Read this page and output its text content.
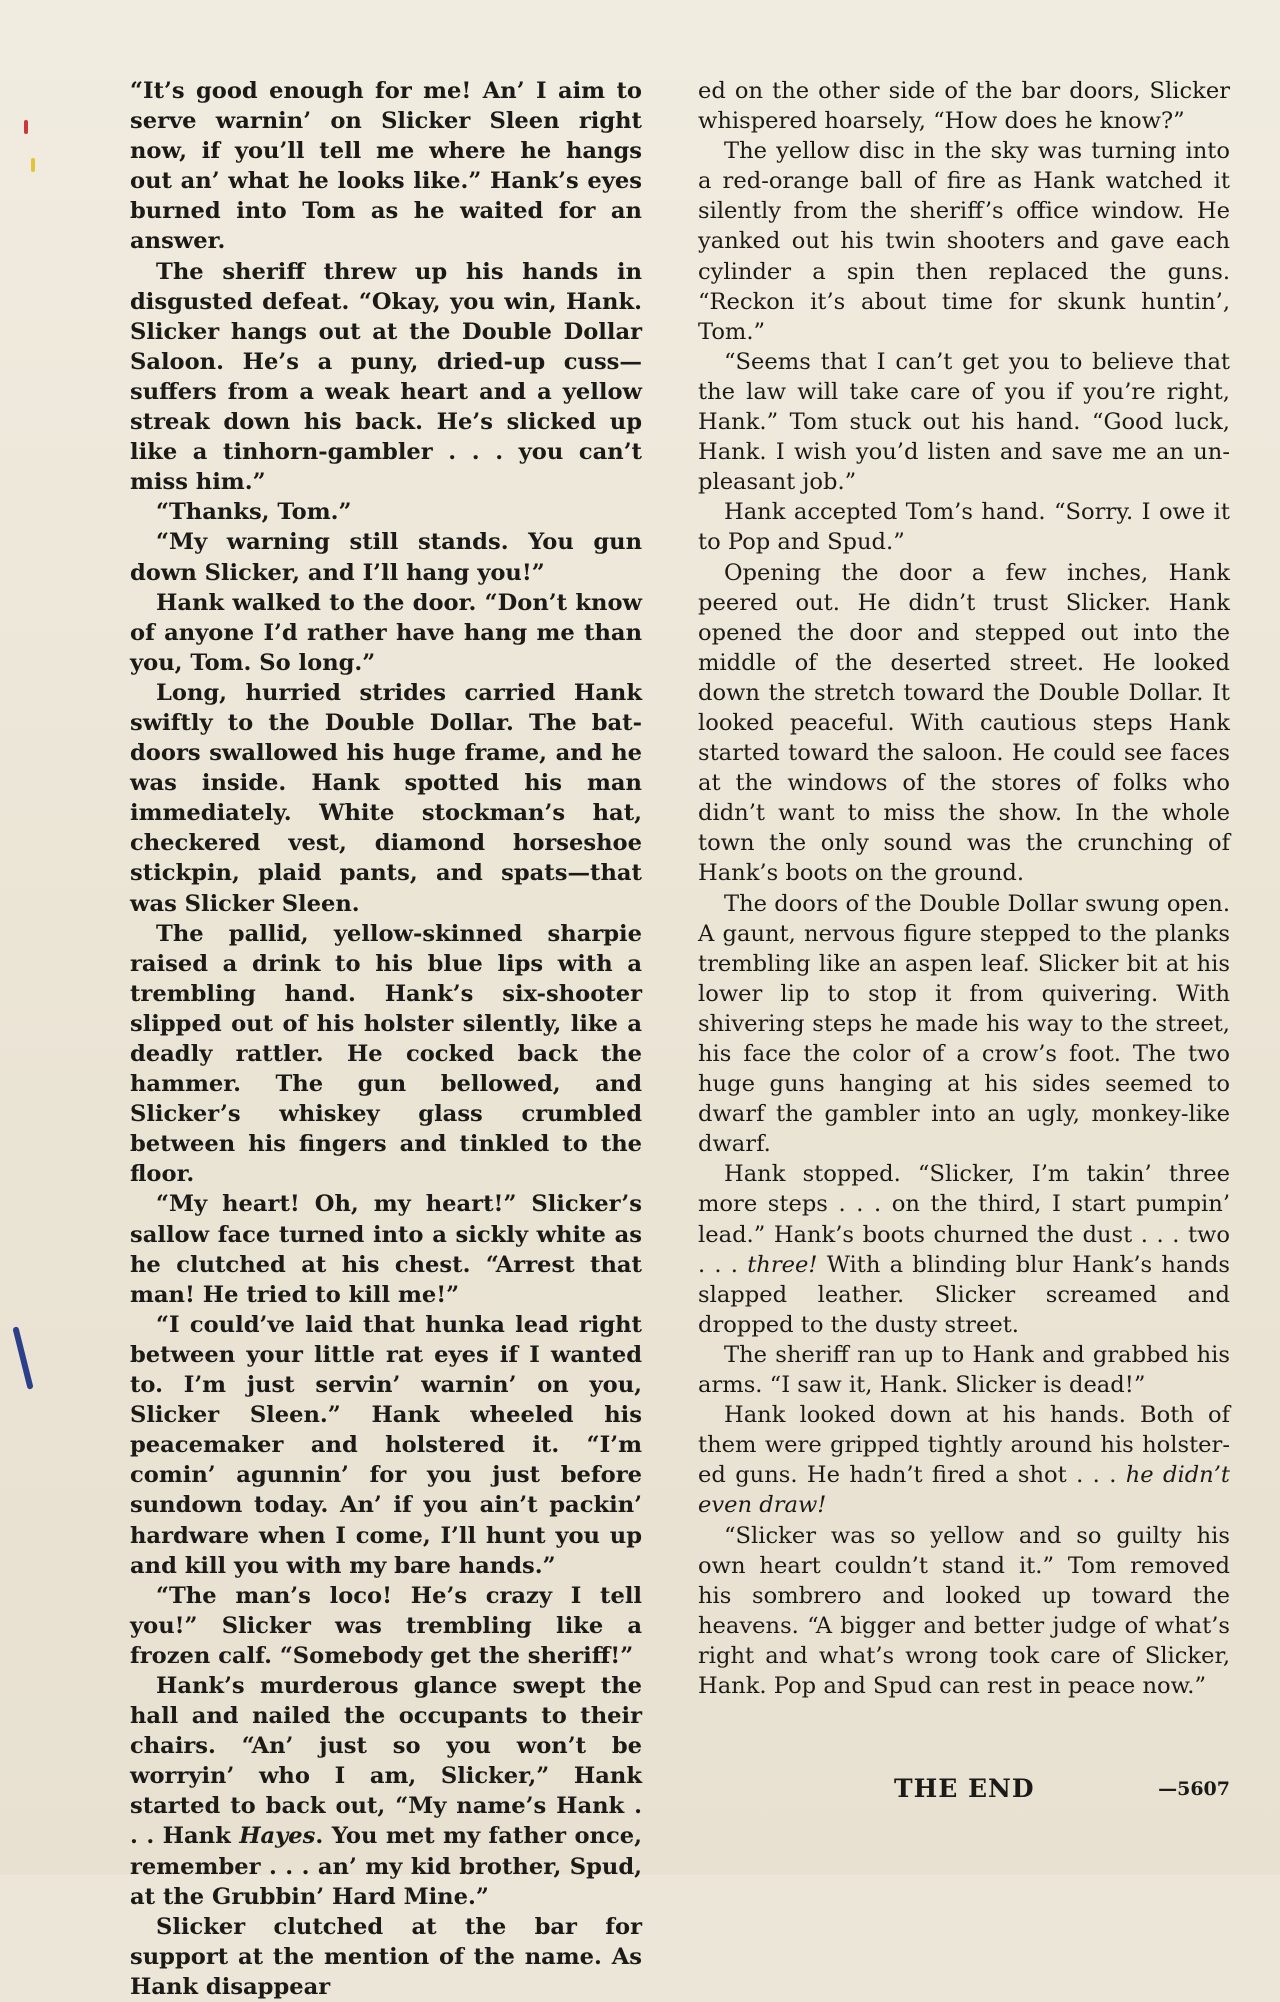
“It’s good enough for me! An’ I aim to serve warnin’ on Slicker Sleen right now, if you’ll tell me where he hangs out an’ what he looks like.” Hank’s eyes burned into Tom as he waited for an answer.

The sheriff threw up his hands in disgusted defeat. “Okay, you win, Hank. Slicker hangs out at the Double Dollar Saloon. He’s a puny, dried-up cuss—suffers from a weak heart and a yellow streak down his back. He’s slicked up like a tinhorn-gambler . . . you can’t miss him.”

“Thanks, Tom.”

“My warning still stands. You gun down Slicker, and I’ll hang you!”

Hank walked to the door. “Don’t know of anyone I’d rather have hang me than you, Tom. So long.”

Long, hurried strides carried Hank swiftly to the Double Dollar. The bat-doors swallowed his huge frame, and he was inside. Hank spotted his man immediately. White stockman’s hat, checkered vest, diamond horseshoe stickpin, plaid pants, and spats—that was Slicker Sleen.

The pallid, yellow-skinned sharpie raised a drink to his blue lips with a trembling hand. Hank’s six-shooter slipped out of his holster silently, like a deadly rattler. He cocked back the hammer. The gun bellowed, and Slicker’s whiskey glass crumbled between his fingers and tinkled to the floor.

“My heart! Oh, my heart!” Slicker’s sallow face turned into a sickly white as he clutched at his chest. “Arrest that man! He tried to kill me!”

“I could’ve laid that hunka lead right between your little rat eyes if I wanted to. I’m just servin’ warnin’ on you, Slicker Sleen.” Hank wheeled his peacemaker and holstered it. “I’m comin’ agunnin’ for you just before sundown today. An’ if you ain’t packin’ hardware when I come, I’ll hunt you up and kill you with my bare hands.”

“The man’s loco! He’s crazy I tell you!” Slicker was trembling like a frozen calf. “Somebody get the sheriff!”

Hank’s murderous glance swept the hall and nailed the occupants to their chairs. “An’ just so you won’t be worryin’ who I am, Slicker,” Hank started to back out, “My name’s Hank . . . Hank Hayes. You met my father once, remember . . . an’ my kid brother, Spud, at the Grubbin’ Hard Mine.”

Slicker clutched at the bar for support at the mention of the name. As Hank disappear

ed on the other side of the bar doors, Slicker whispered hoarsely, “How does he know?”

The yellow disc in the sky was turning into a red-orange ball of fire as Hank watched it silently from the sheriff’s office window. He yanked out his twin shooters and gave each cylinder a spin then replaced the guns. “Reckon it’s about time for skunk huntin’, Tom.”

“Seems that I can’t get you to believe that the law will take care of you if you’re right, Hank.” Tom stuck out his hand. “Good luck, Hank. I wish you’d listen and save me an unpleasant job.”

Hank accepted Tom’s hand. “Sorry. I owe it to Pop and Spud.”

Opening the door a few inches, Hank peered out. He didn’t trust Slicker. Hank opened the door and stepped out into the middle of the deserted street. He looked down the stretch toward the Double Dollar. It looked peaceful. With cautious steps Hank started toward the saloon. He could see faces at the windows of the stores of folks who didn’t want to miss the show. In the whole town the only sound was the crunching of Hank’s boots on the ground.

The doors of the Double Dollar swung open. A gaunt, nervous figure stepped to the planks trembling like an aspen leaf. Slicker bit at his lower lip to stop it from quivering. With shivering steps he made his way to the street, his face the color of a crow’s foot. The two huge guns hanging at his sides seemed to dwarf the gambler into an ugly, monkey-like dwarf.

Hank stopped. “Slicker, I’m takin’ three more steps . . . on the third, I start pumpin’ lead.” Hank’s boots churned the dust . . . two . . . three! With a blinding blur Hank’s hands slapped leather. Slicker screamed and dropped to the dusty street.

The sheriff ran up to Hank and grabbed his arms. “I saw it, Hank. Slicker is dead!”

Hank looked down at his hands. Both of them were gripped tightly around his holstered guns. He hadn’t fired a shot . . . he didn’t even draw!

“Slicker was so yellow and so guilty his own heart couldn’t stand it.” Tom removed his sombrero and looked up toward the heavens. “A bigger and better judge of what’s right and what’s wrong took care of Slicker, Hank. Pop and Spud can rest in peace now.”

THE END	—5607
